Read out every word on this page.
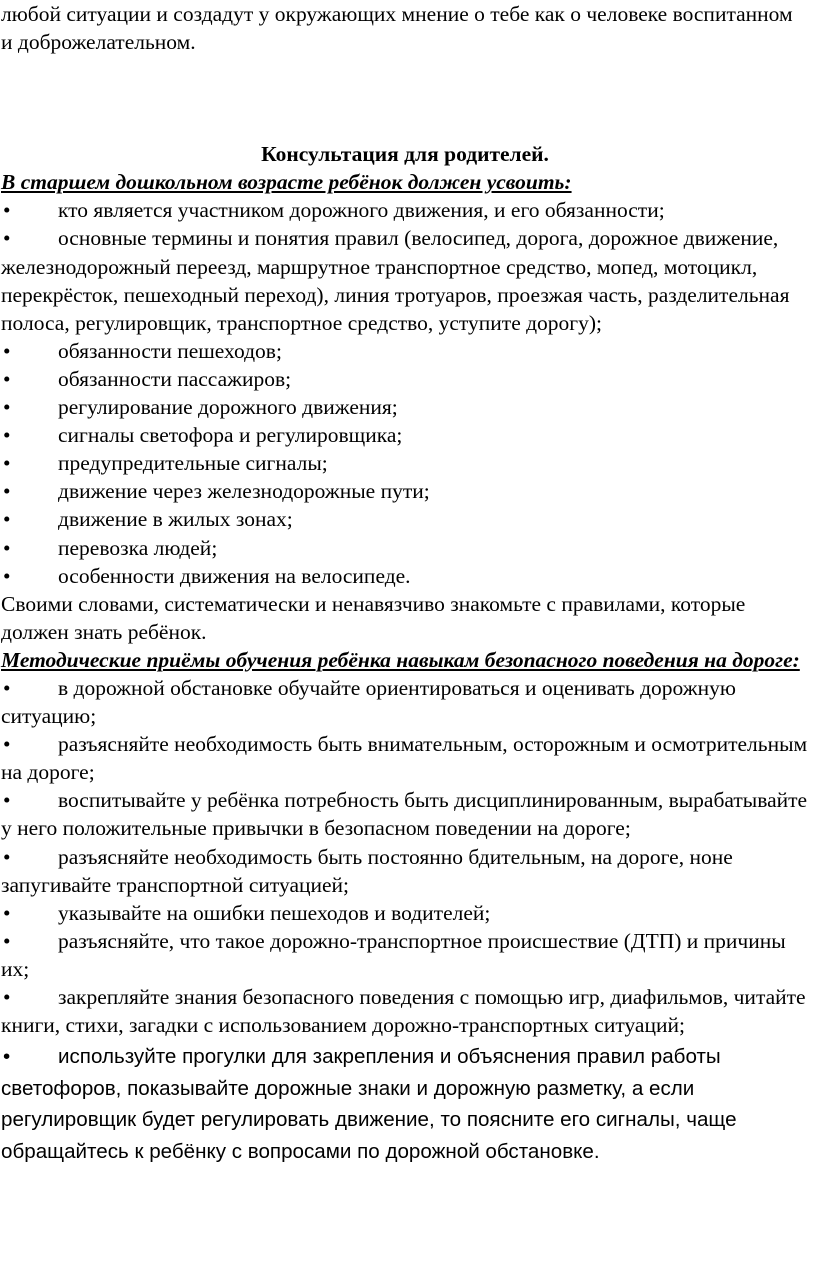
любой ситуации и создадут у окружающих мнение о тебе как о человеке воспитанном и доброжелательном.

Консультация для родителей.

В старшем дошкольном возрасте ребёнок должен усвоить:

• кто является участником дорожного движения, и его обязанности;

• основные термины и понятия правил (велосипед, дорога, дорожное движение, железнодорожный переезд, маршрутное транспортное средство, мопед, мотоцикл, перекрёсток, пешеходный переход), линия тротуаров, проезжая часть, разделительная полоса, регулировщик, транспортное средство, уступите дорогу);

• обязанности пешеходов;

• обязанности пассажиров;

• регулирование дорожного движения;

• сигналы светофора и регулировщика;

• предупредительные сигналы;

• движение через железнодорожные пути;

• движение в жилых зонах;

• перевозка людей;

• особенности движения на велосипеде.

Своими словами, систематически и ненавязчиво знакомьте с правилами, которые должен знать ребёнок.

Методические приёмы обучения ребёнка навыкам безопасного поведения на дороге:

• в дорожной обстановке обучайте ориентироваться и оценивать дорожную ситуацию;

• разъясняйте необходимость быть внимательным, осторожным и осмотрительным на дороге;

• воспитывайте у ребёнка потребность быть дисциплинированным, вырабатывайте у него положительные привычки в безопасном поведении на дороге;

• разъясняйте необходимость быть постоянно бдительным, на дороге, ноне запугивайте транспортной ситуацией;

• указывайте на ошибки пешеходов и водителей;

• разъясняйте, что такое дорожно-транспортное происшествие (ДТП) и причины их;

• закрепляйте знания безопасного поведения с помощью игр, диафильмов, читайте книги, стихи, загадки с использованием дорожно-транспортных ситуаций;

• используйте прогулки для закрепления и объяснения правил работы светофоров, показывайте дорожные знаки и дорожную разметку, а если регулировщик будет регулировать движение, то поясните его сигналы, чаще обращайтесь к ребёнку с вопросами по дорожной обстановке.
